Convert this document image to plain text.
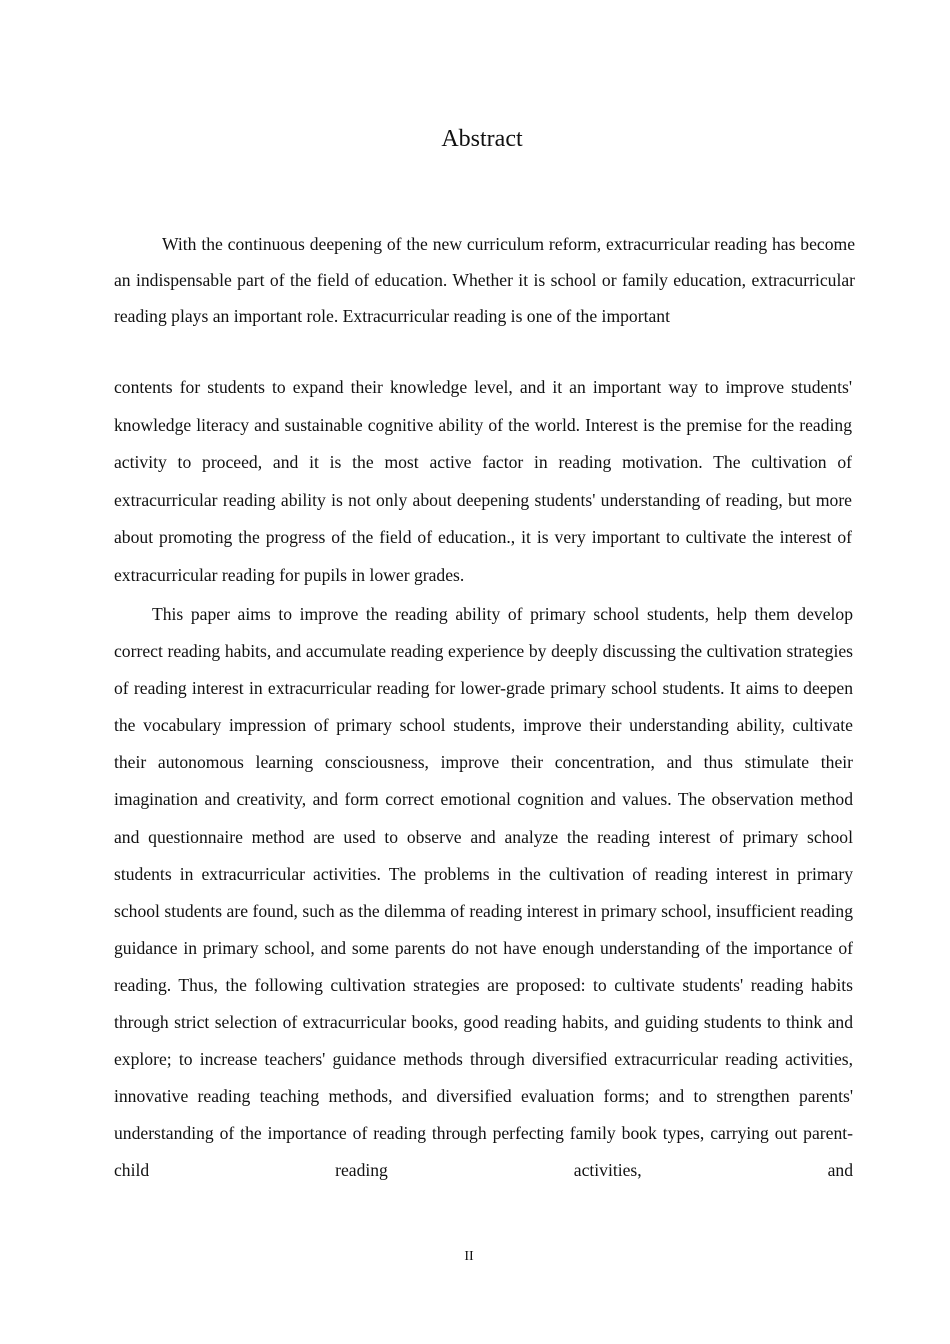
Abstract
With the continuous deepening of the new curriculum reform, extracurricular reading has become an indispensable part of the field of education. Whether it is school or family education, extracurricular reading plays an important role. Extracurricular reading is one of the important
contents for students to expand their knowledge level, and it an important way to improve students' knowledge literacy and sustainable cognitive ability of the world. Interest is the premise for the reading activity to proceed, and it is the most active factor in reading motivation. The cultivation of extracurricular reading ability is not only about deepening students' understanding of reading, but more about promoting the progress of the field of education., it is very important to cultivate the interest of extracurricular reading for pupils in lower grades.
This paper aims to improve the reading ability of primary school students, help them develop correct reading habits, and accumulate reading experience by deeply discussing the cultivation strategies of reading interest in extracurricular reading for lower-grade primary school students. It aims to deepen the vocabulary impression of primary school students, improve their understanding ability, cultivate their autonomous learning consciousness, improve their concentration, and thus stimulate their imagination and creativity, and form correct emotional cognition and values. The observation method and questionnaire method are used to observe and analyze the reading interest of primary school students in extracurricular activities. The problems in the cultivation of reading interest in primary school students are found, such as the dilemma of reading interest in primary school, insufficient reading guidance in primary school, and some parents do not have enough understanding of the importance of reading. Thus, the following cultivation strategies are proposed: to cultivate students' reading habits through strict selection of extracurricular books, good reading habits, and guiding students to think and explore; to increase teachers' guidance methods through diversified extracurricular reading activities, innovative reading teaching methods, and diversified evaluation forms; and to strengthen parents' understanding of the importance of reading through perfecting family book types, carrying out parent-child reading activities, and
II
